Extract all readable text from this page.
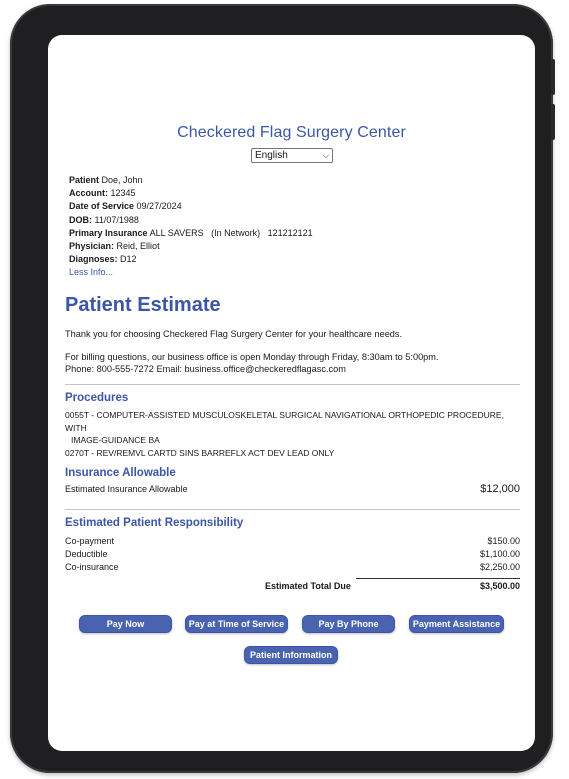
Checkered Flag Surgery Center
English	⌵
Patient Doe, John
Account: 12345
Date of Service 09/27/2024
DOB: 11/07/1988
Primary Insurance ALL SAVERS   (In Network)   121212121
Physician: Reid, Elliot
Diagnoses: D12
Less Info...
Patient Estimate
Thank you for choosing Checkered Flag Surgery Center for your healthcare needs.
For billing questions, our business office is open Monday through Friday, 8:30am to 5:00pm.
Phone: 800-555-7272 Email: business.office@checkeredflagasc.com
Procedures
0055T - COMPUTER-ASSISTED MUSCULOSKELETAL SURGICAL NAVIGATIONAL ORTHOPEDIC PROCEDURE, WITH
IMAGE-GUIDANCE BA
0270T - REV/REMVL CARTD SINS BARREFLX ACT DEV LEAD ONLY
Insurance Allowable
Estimated Insurance Allowable	$12,000
Estimated Patient Responsibility
Co-payment	$150.00
Deductible	$1,100.00
Co-insurance	$2,250.00
Estimated Total Due	$3,500.00
Pay Now	Pay at Time of Service	Pay By Phone	Payment Assistance
Patient Information
